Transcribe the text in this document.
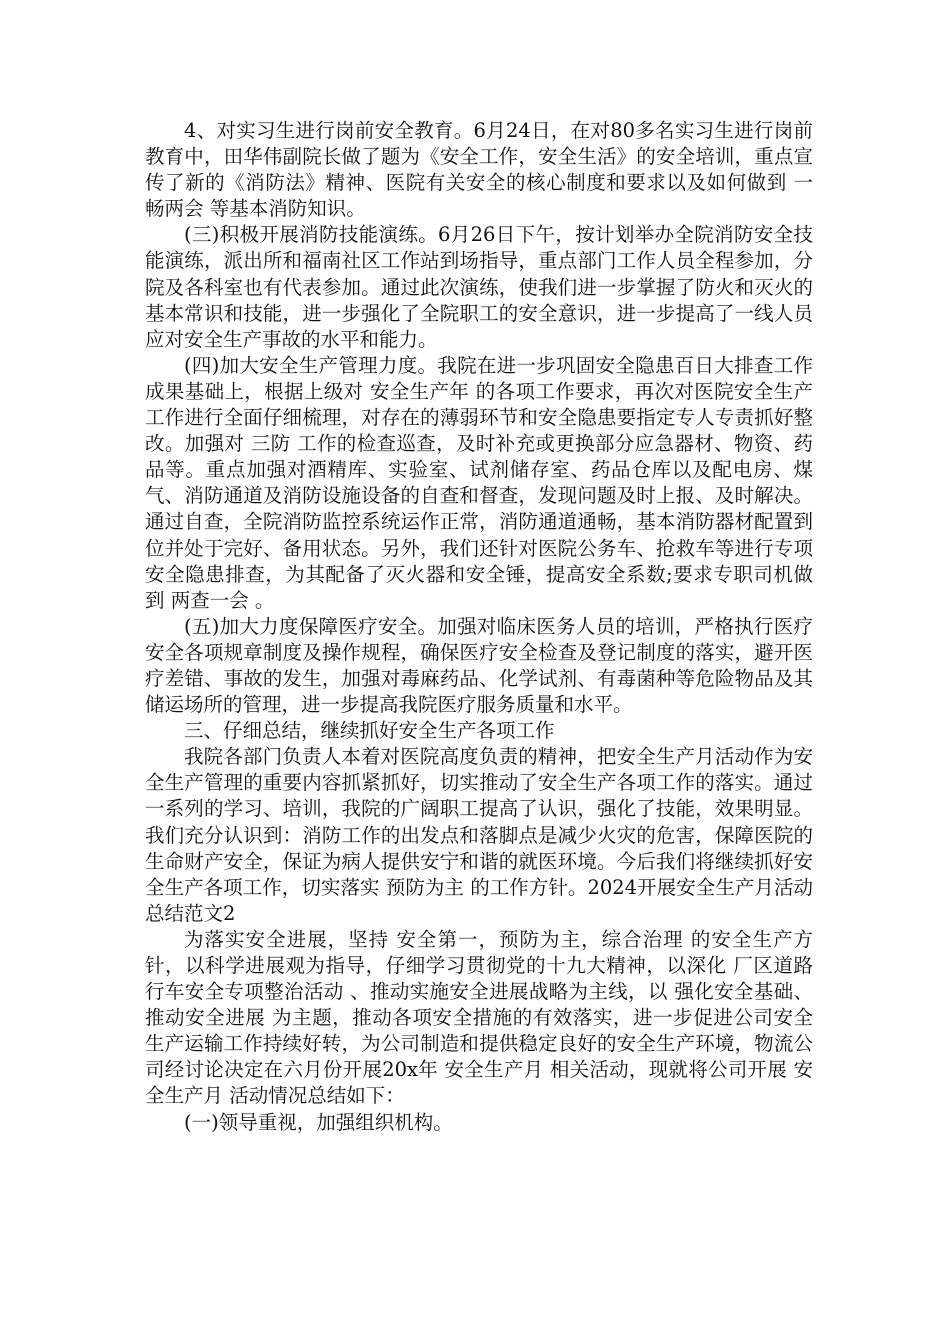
4、对实习生进行岗前安全教育。6月24日，在对80多名实习生进行岗前教育中，田华伟副院长做了题为《安全工作，安全生活》的安全培训，重点宣传了新的《消防法》精神、医院有关安全的核心制度和要求以及如何做到 一畅两会 等基本消防知识。

(三)积极开展消防技能演练。6月26日下午，按计划举办全院消防安全技能演练，派出所和福南社区工作站到场指导，重点部门工作人员全程参加，分院及各科室也有代表参加。通过此次演练，使我们进一步掌握了防火和灭火的基本常识和技能，进一步强化了全院职工的安全意识，进一步提高了一线人员应对安全生产事故的水平和能力。

(四)加大安全生产管理力度。我院在进一步巩固安全隐患百日大排查工作成果基础上，根据上级对 安全生产年 的各项工作要求，再次对医院安全生产工作进行全面仔细梳理，对存在的薄弱环节和安全隐患要指定专人专责抓好整改。加强对 三防 工作的检查巡查，及时补充或更换部分应急器材、物资、药品等。重点加强对酒精库、实验室、试剂储存室、药品仓库以及配电房、煤气、消防通道及消防设施设备的自查和督查，发现问题及时上报、及时解决。通过自查，全院消防监控系统运作正常，消防通道通畅，基本消防器材配置到位并处于完好、备用状态。另外，我们还针对医院公务车、抢救车等进行专项安全隐患排查，为其配备了灭火器和安全锤，提高安全系数;要求专职司机做到 两查一会 。

(五)加大力度保障医疗安全。加强对临床医务人员的培训，严格执行医疗安全各项规章制度及操作规程，确保医疗安全检查及登记制度的落实，避开医疗差错、事故的发生，加强对毒麻药品、化学试剂、有毒菌种等危险物品及其储运场所的管理，进一步提高我院医疗服务质量和水平。

三、仔细总结，继续抓好安全生产各项工作

我院各部门负责人本着对医院高度负责的精神，把安全生产月活动作为安全生产管理的重要内容抓紧抓好，切实推动了安全生产各项工作的落实。通过一系列的学习、培训，我院的广阔职工提高了认识，强化了技能，效果明显。我们充分认识到：消防工作的出发点和落脚点是减少火灾的危害，保障医院的生命财产安全，保证为病人提供安宁和谐的就医环境。今后我们将继续抓好安全生产各项工作，切实落实 预防为主 的工作方针。2024开展安全生产月活动总结范文2

为落实安全进展，坚持 安全第一，预防为主，综合治理 的安全生产方针，以科学进展观为指导，仔细学习贯彻党的十九大精神，以深化 厂区道路行车安全专项整治活动 、推动实施安全进展战略为主线，以 强化安全基础、推动安全进展 为主题，推动各项安全措施的有效落实，进一步促进公司安全生产运输工作持续好转，为公司制造和提供稳定良好的安全生产环境，物流公司经讨论决定在六月份开展20x年 安全生产月 相关活动，现就将公司开展 安全生产月 活动情况总结如下：

(一)领导重视，加强组织机构。
